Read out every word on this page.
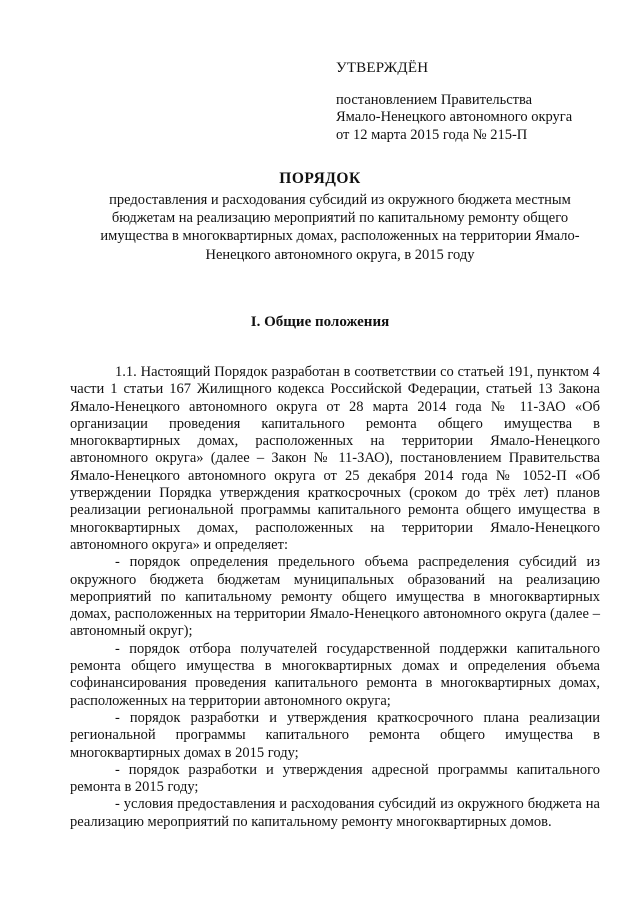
УТВЕРЖДЁН
постановлением Правительства
Ямало-Ненецкого автономного округа
от 12 марта 2015 года № 215-П
ПОРЯДОК
предоставления и расходования субсидий из окружного бюджета местным бюджетам на реализацию мероприятий по капитальному ремонту общего имущества в многоквартирных домах, расположенных на территории Ямало-Ненецкого автономного округа, в 2015 году
I. Общие положения

1.1. Настоящий Порядок разработан в соответствии со статьей 191, пунктом 4 части 1 статьи 167 Жилищного кодекса Российской Федерации, статьей 13 Закона Ямало-Ненецкого автономного округа от 28 марта 2014 года № 11-ЗАО «Об организации проведения капитального ремонта общего имущества в многоквартирных домах, расположенных на территории Ямало-Ненецкого автономного округа» (далее – Закон № 11-ЗАО), постановлением Правительства Ямало-Ненецкого автономного округа от 25 декабря 2014 года № 1052-П «Об утверждении Порядка утверждения краткосрочных (сроком до трёх лет) планов реализации региональной программы капитального ремонта общего имущества в многоквартирных домах, расположенных на территории Ямало-Ненецкого автономного округа» и определяет:

- порядок определения предельного объема распределения субсидий из окружного бюджета бюджетам муниципальных образований на реализацию мероприятий по капитальному ремонту общего имущества в многоквартирных домах, расположенных на территории Ямало-Ненецкого автономного округа (далее – автономный округ);

- порядок отбора получателей государственной поддержки капитального ремонта общего имущества в многоквартирных домах и определения объема софинансирования проведения капитального ремонта в многоквартирных домах, расположенных на территории автономного округа;

- порядок разработки и утверждения краткосрочного плана реализации региональной программы капитального ремонта общего имущества в многоквартирных домах в 2015 году;

- порядок разработки и утверждения адресной программы капитального ремонта в 2015 году;

- условия предоставления и расходования субсидий из окружного бюджета на реализацию мероприятий по капитальному ремонту многоквартирных домов.
